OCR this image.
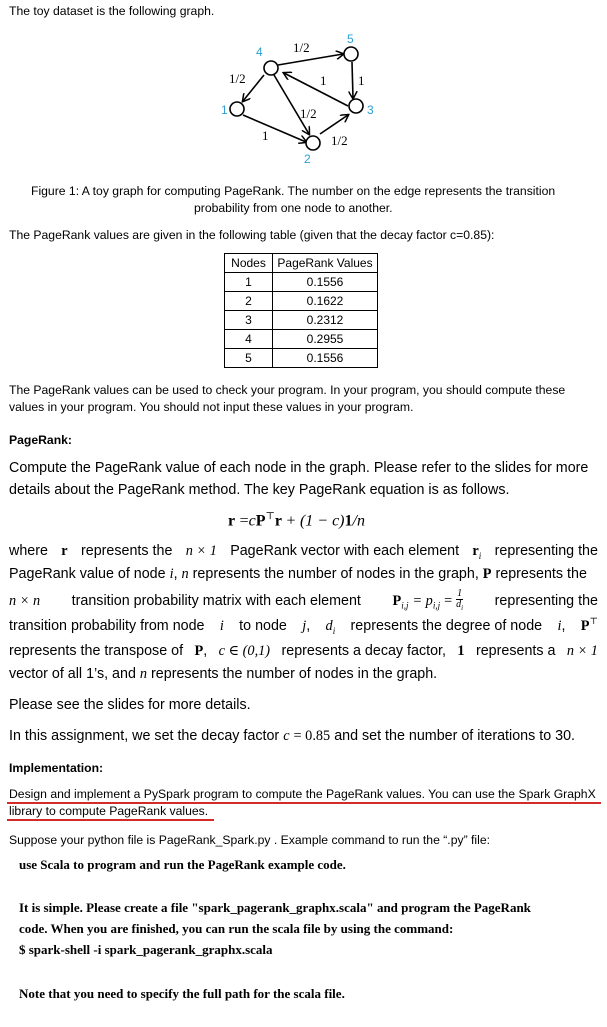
The toy dataset is the following graph.
4
5
1	3
2
1/2
1/2	1 1
1/2
1	1/2
Figure 1: A toy graph for computing PageRank. The number on the edge represents the transition
probability from one node to another.
The PageRank values are given in the following table (given that the decay factor c=0.85):
Nodes	PageRank Values
1	0.1556
2	0.1622
3	0.2312
4	0.2955
5	0.1556
The PageRank values can be used to check your program. In your program, you should compute these
values in your program. You should not input these values in your program.
PageRank:
Compute the PageRank value of each node in the graph. Please refer to the slides for more
details about the PageRank method. The key PageRank equation is as follows.
r =cP⊤r + (1 − c)1/n
where r represents the n × 1 PageRank vector with each element $r_i$ representing the
PageRank value of node i, n represents the number of nodes in the graph, P represents the
n × n transition probability matrix with each element $P_{i,j} = p_{i,j} = \frac{1}{d_i}$ representing the
transition probability from node i to node j, $d_i$ represents the degree of node i, P⊤
represents the transpose of P, c ∈ (0,1) represents a decay factor, 1 represents a n × 1
vector of all 1’s, and n represents the number of nodes in the graph.
Please see the slides for more details.
In this assignment, we set the decay factor c = 0.85 and set the number of iterations to 30.
Implementation:
Design and implement a PySpark program to compute the PageRank values. You can use the Spark GraphX
library to compute PageRank values.
Suppose your python file is PageRank_Spark.py . Example command to run the “.py” file:
use Scala to program and run the PageRank example code.
It is simple. Please create a file "spark_pagerank_graphx.scala" and program the PageRank
code. When you are finished, you can run the scala file by using the command:
$ spark-shell -i spark_pagerank_graphx.scala
Note that you need to specify the full path for the scala file.
